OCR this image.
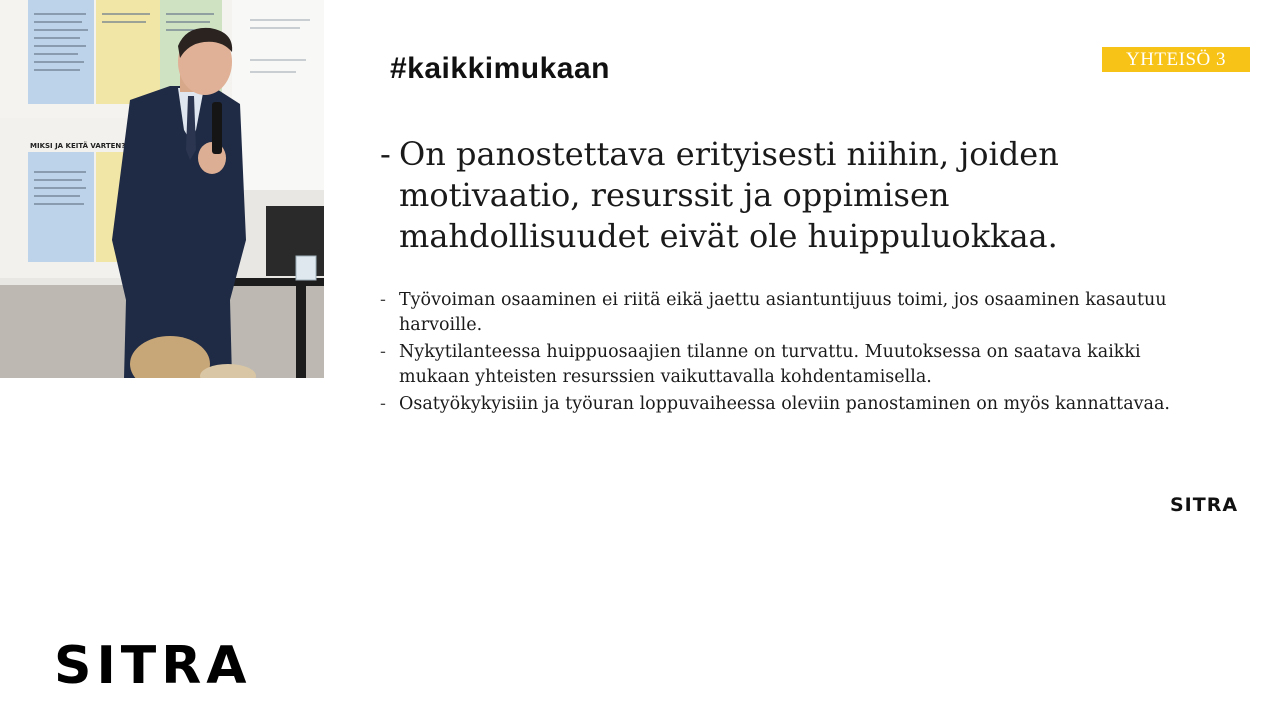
MIKSI JA KEITÄ VARTEN?
#kaikkimukaan	YHTEISÖ 3
- On panostettava erityisesti niihin, joiden motivaatio, resurssit ja oppimisen mahdollisuudet eivät ole huippuluokkaa.
- Työvoiman osaaminen ei riitä eikä jaettu asiantuntijuus toimi, jos osaaminen kasautuu harvoille.
- Nykytilanteessa huippuosaajien tilanne on turvattu. Muutoksessa on saatava kaikki mukaan yhteisten resurssien vaikuttavalla kohdentamisella.
- Osatyökykyisiin ja työuran loppuvaiheessa oleviin panostaminen on myös kannattavaa.
SITRA
SITRA
